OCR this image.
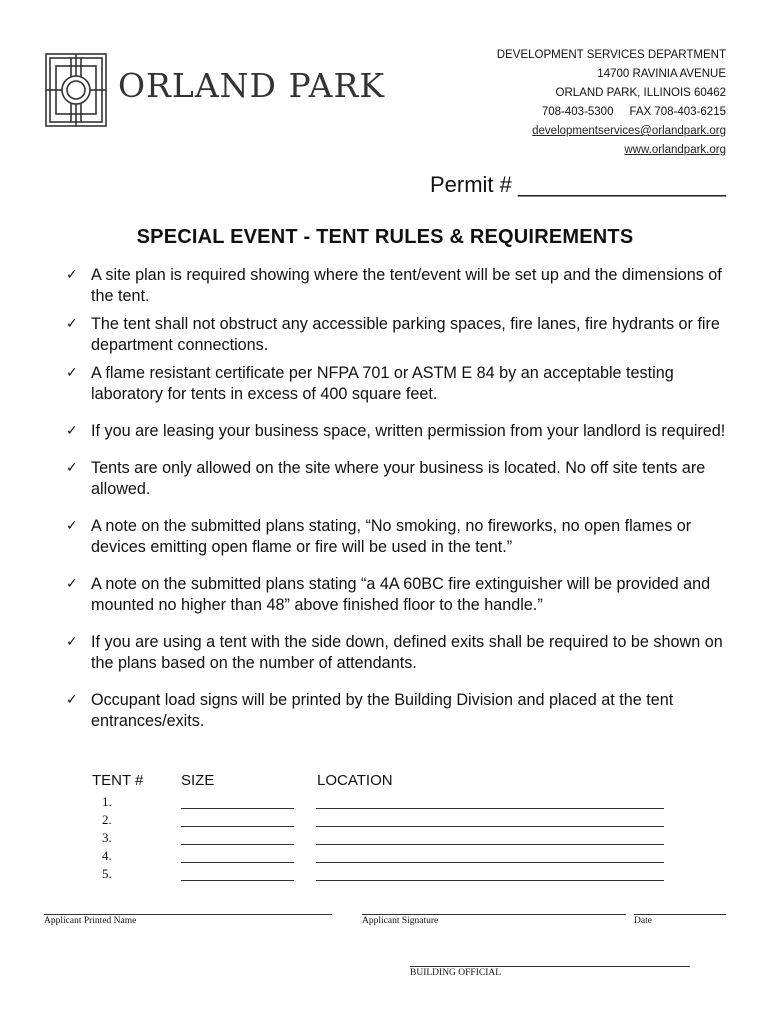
ORLAND PARK
DEVELOPMENT SERVICES DEPARTMENT
14700 RAVINIA AVENUE
ORLAND PARK, ILLINOIS 60462
708-403-5300     FAX 708-403-6215
developmentservices@orlandpark.org
www.orlandpark.org
Permit # _________________
SPECIAL EVENT - TENT RULES & REQUIREMENTS
✓ A site plan is required showing where the tent/event will be set up and the dimensions of the tent.
✓ The tent shall not obstruct any accessible parking spaces, fire lanes, fire hydrants or fire department connections.
✓ A flame resistant certificate per NFPA 701 or ASTM E 84 by an acceptable testing laboratory for tents in excess of 400 square feet.
✓ If you are leasing your business space, written permission from your landlord is required!
✓ Tents are only allowed on the site where your business is located. No off site tents are allowed.
✓ A note on the submitted plans stating, “No smoking, no fireworks, no open flames or devices emitting open flame or fire will be used in the tent.”
✓ A note on the submitted plans stating “a 4A 60BC fire extinguisher will be provided and mounted no higher than 48” above finished floor to the handle.”
✓ If you are using a tent with the side down, defined exits shall be required to be shown on the plans based on the number of attendants.
✓ Occupant load signs will be printed by the Building Division and placed at the tent entrances/exits.
TENT #	SIZE	LOCATION
1.
2.
3.
4.
5.
Applicant Printed Name	Applicant Signature	Date
BUILDING OFFICIAL
